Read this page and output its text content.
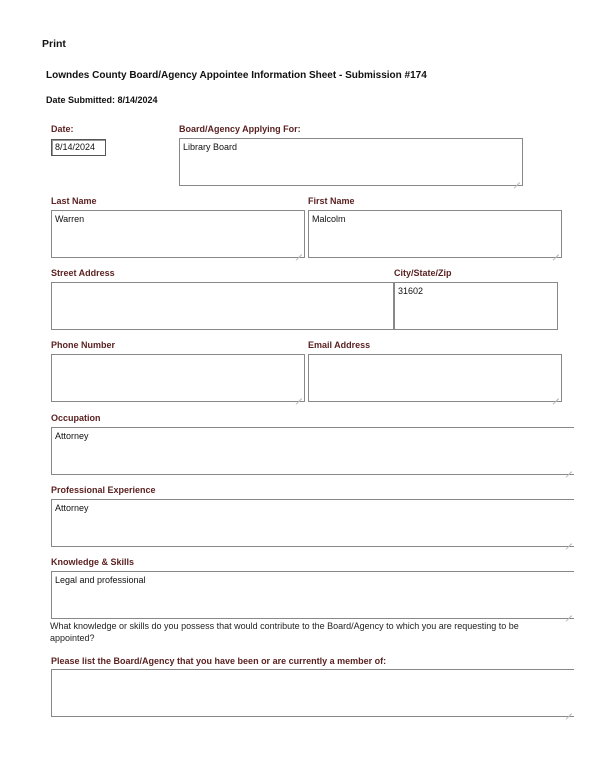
Print
Lowndes County Board/Agency Appointee Information Sheet - Submission #174
Date Submitted: 8/14/2024
Date:
8/14/2024
Board/Agency Applying For:
Library Board
Last Name
Warren
First Name
Malcolm
Street Address	City/State/Zip
31602
Phone Number	Email Address
Occupation
Attorney
Professional Experience
Attorney
Knowledge & Skills
Legal and professional
What knowledge or skills do you possess that would contribute to the Board/Agency to which you are requesting to be appointed?
Please list the Board/Agency that you have been or are currently a member of:
